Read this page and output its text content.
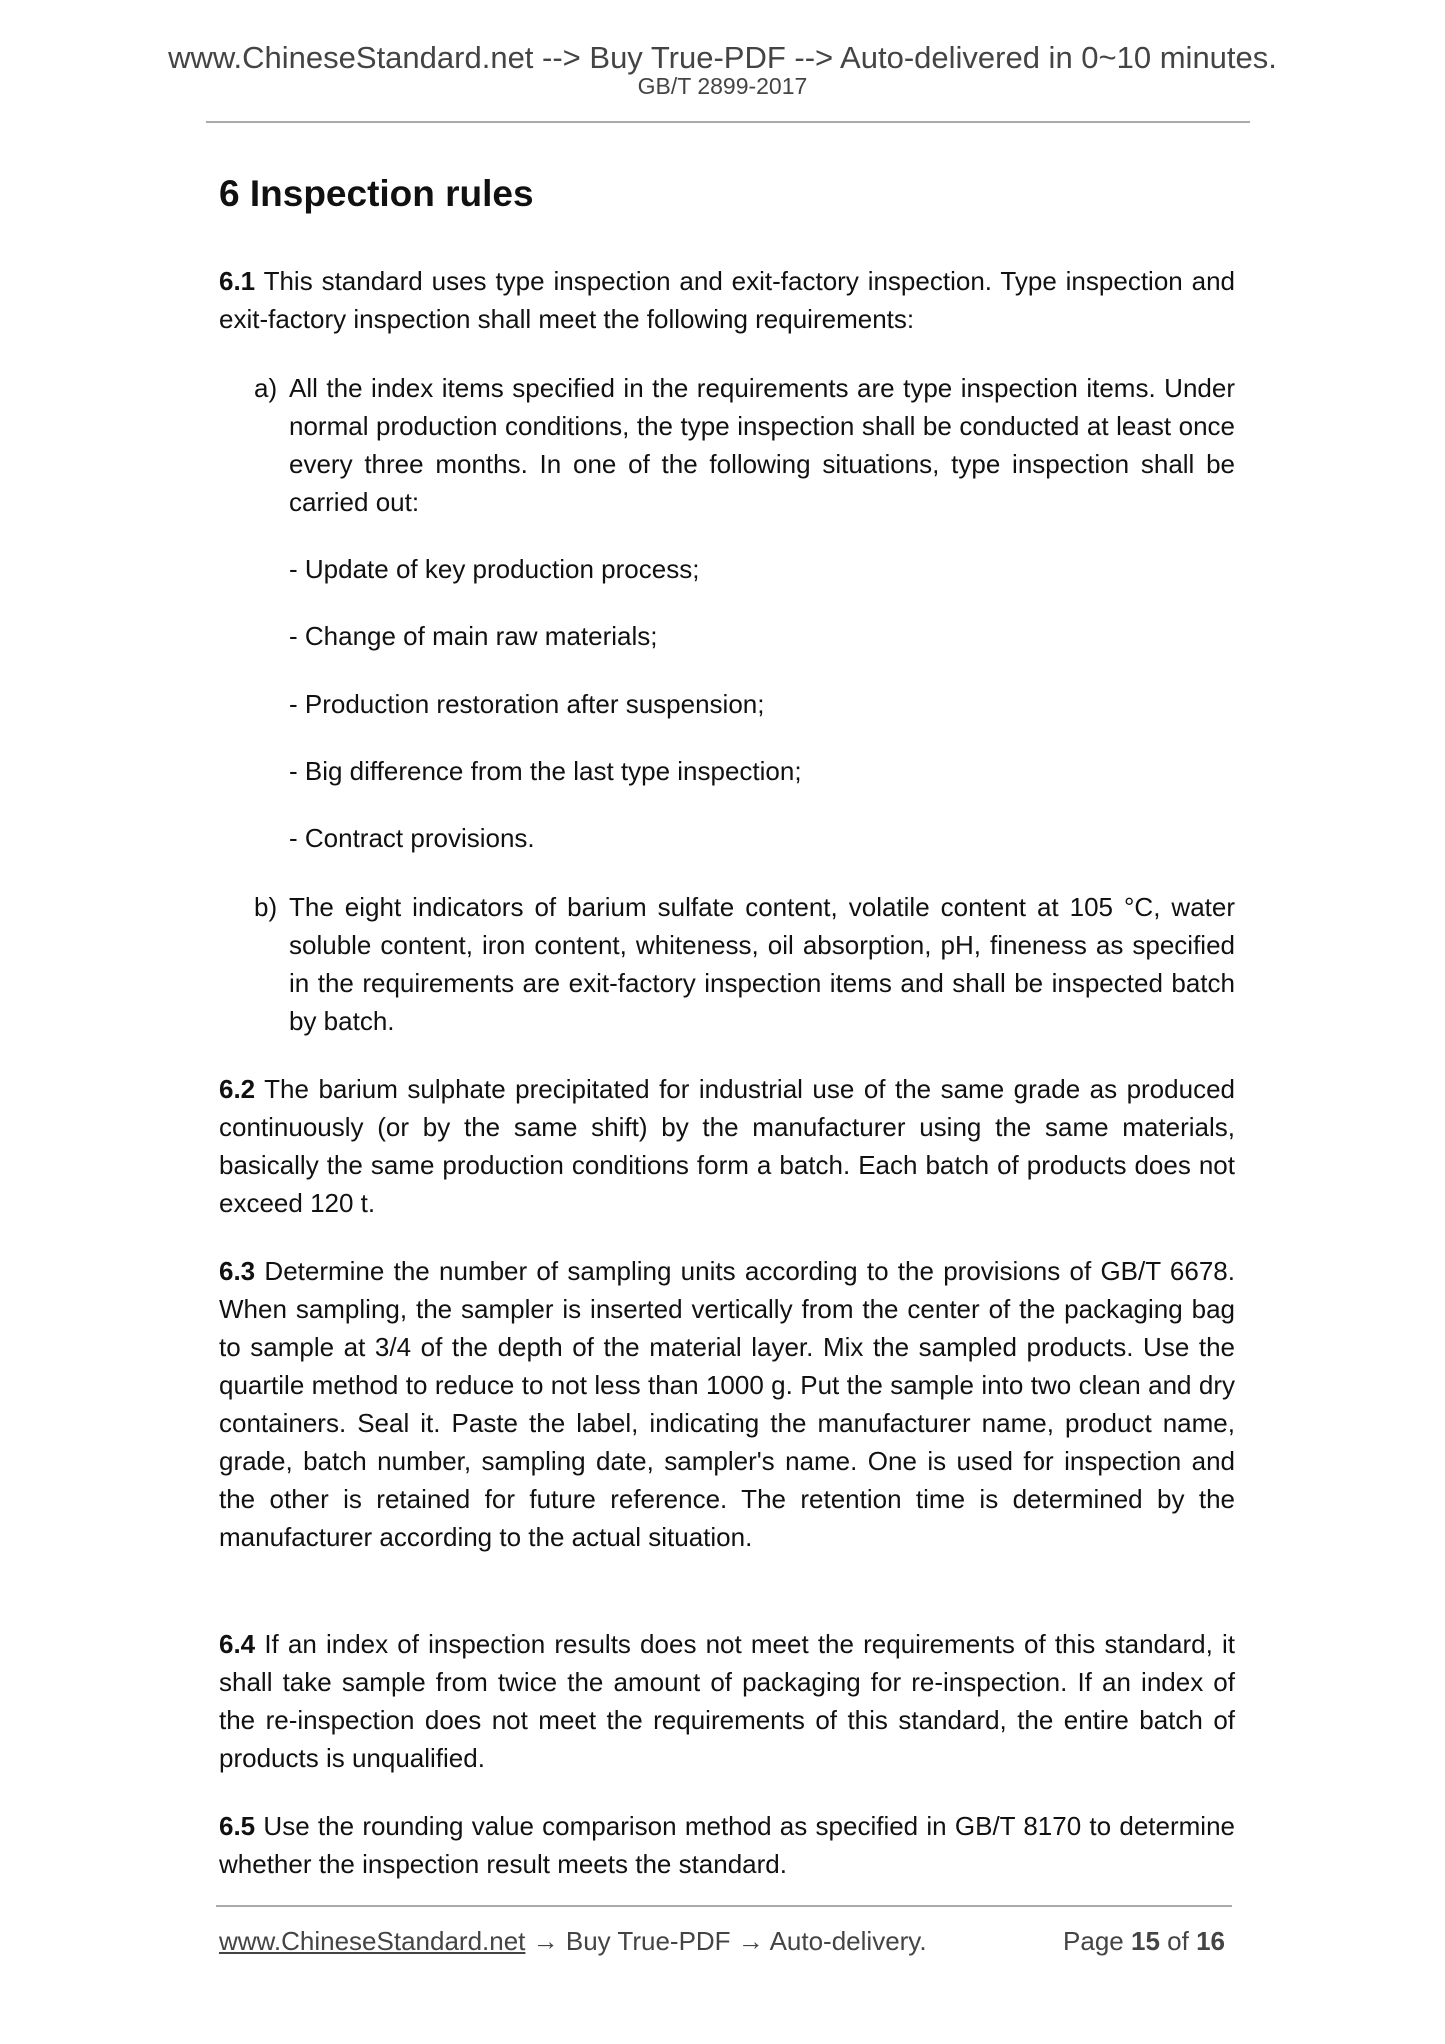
www.ChineseStandard.net --> Buy True-PDF --> Auto-delivered in 0~10 minutes.
GB/T 2899-2017
6 Inspection rules
6.1 This standard uses type inspection and exit-factory inspection. Type inspection and exit-factory inspection shall meet the following requirements:
a) All the index items specified in the requirements are type inspection items. Under normal production conditions, the type inspection shall be conducted at least once every three months. In one of the following situations, type inspection shall be carried out:
- Update of key production process;
- Change of main raw materials;
- Production restoration after suspension;
- Big difference from the last type inspection;
- Contract provisions.
b) The eight indicators of barium sulfate content, volatile content at 105 °C, water soluble content, iron content, whiteness, oil absorption, pH, fineness as specified in the requirements are exit-factory inspection items and shall be inspected batch by batch.
6.2 The barium sulphate precipitated for industrial use of the same grade as produced continuously (or by the same shift) by the manufacturer using the same materials, basically the same production conditions form a batch. Each batch of products does not exceed 120 t.
6.3 Determine the number of sampling units according to the provisions of GB/T 6678. When sampling, the sampler is inserted vertically from the center of the packaging bag to sample at 3/4 of the depth of the material layer. Mix the sampled products. Use the quartile method to reduce to not less than 1000 g. Put the sample into two clean and dry containers. Seal it. Paste the label, indicating the manufacturer name, product name, grade, batch number, sampling date, sampler's name. One is used for inspection and the other is retained for future reference. The retention time is determined by the manufacturer according to the actual situation.
6.4 If an index of inspection results does not meet the requirements of this standard, it shall take sample from twice the amount of packaging for re-inspection. If an index of the re-inspection does not meet the requirements of this standard, the entire batch of products is unqualified.
6.5 Use the rounding value comparison method as specified in GB/T 8170 to determine whether the inspection result meets the standard.
www.ChineseStandard.net → Buy True-PDF → Auto-delivery.	Page 15 of 16
